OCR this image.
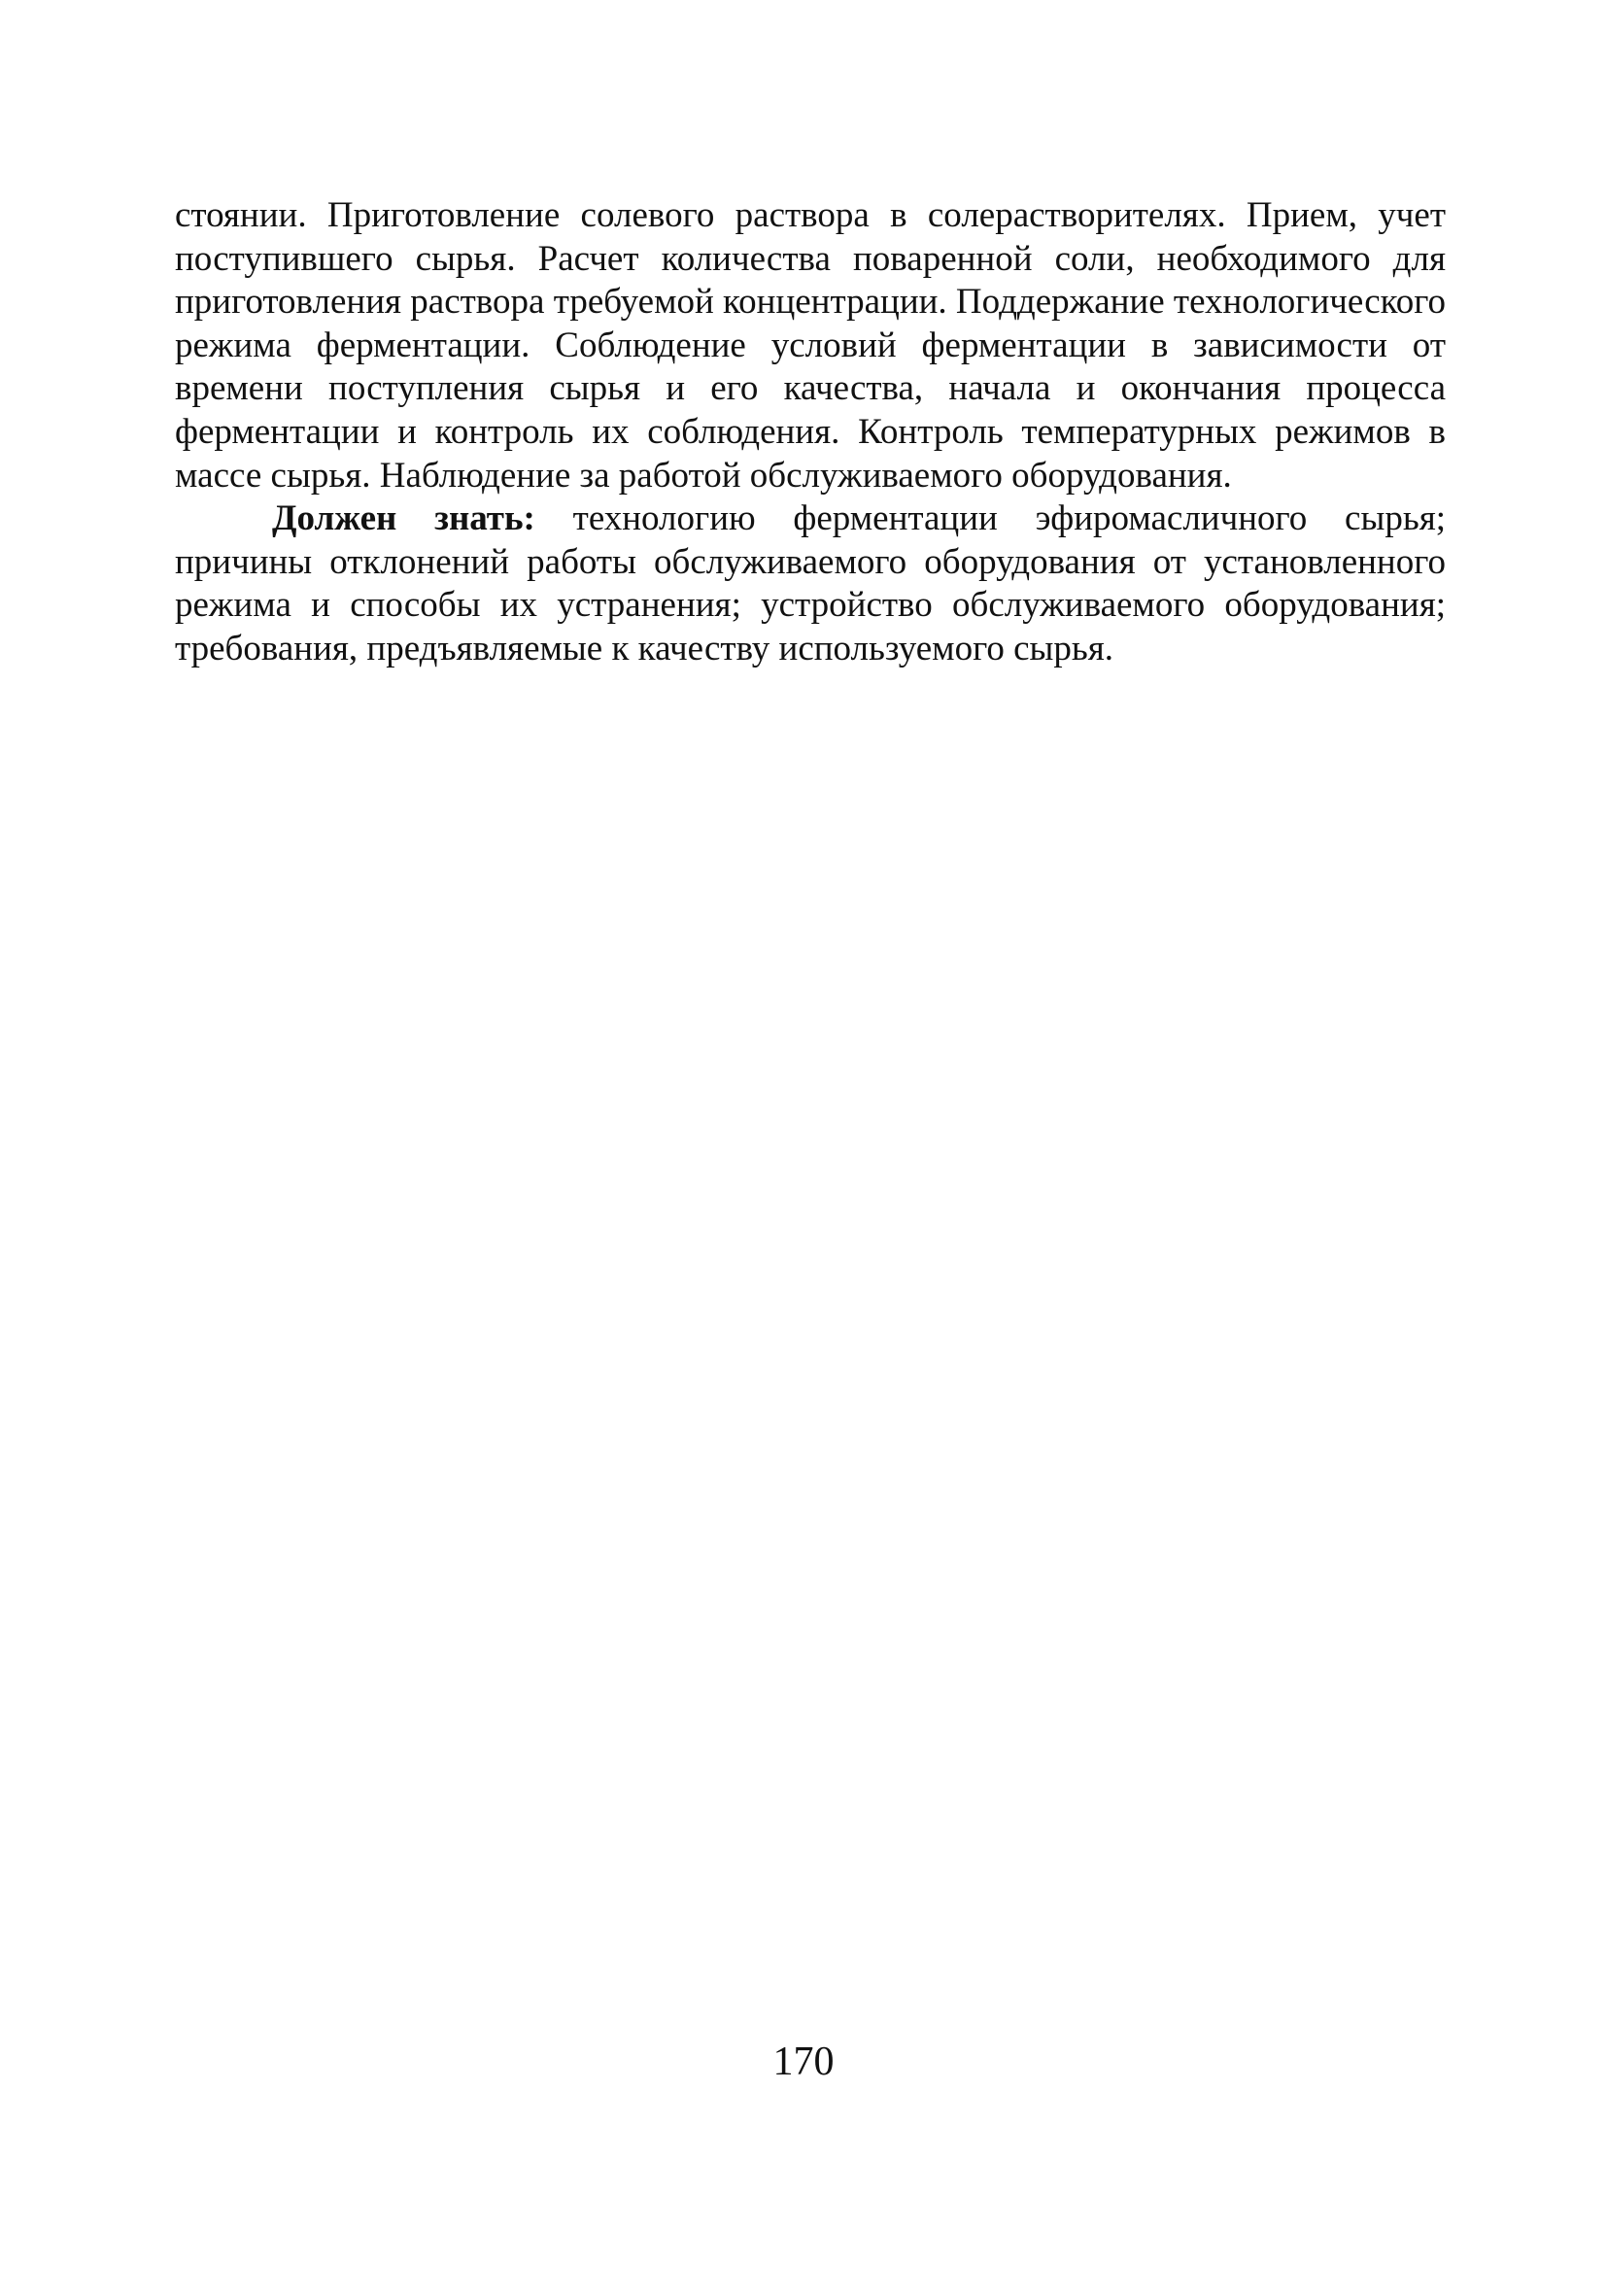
стоянии. Приготовление солевого раствора в солерастворителях. Прием, учет поступившего сырья. Расчет количества поваренной соли, необходимого для приготовления раствора требуемой концентрации. Поддержание технологического режима ферментации. Соблюдение условий ферментации в зависимости от времени поступления сырья и его качества, начала и окончания процесса ферментации и контроль их соблюдения. Контроль температурных режимов в массе сырья. Наблюдение за работой обслуживаемого оборудования.

Должен знать: технологию ферментации эфиромасличного сырья; причины отклонений работы обслуживаемого оборудования от установленного режима и способы их устранения; устройство обслуживаемого оборудования; требования, предъявляемые к качеству используемого сырья.

170
